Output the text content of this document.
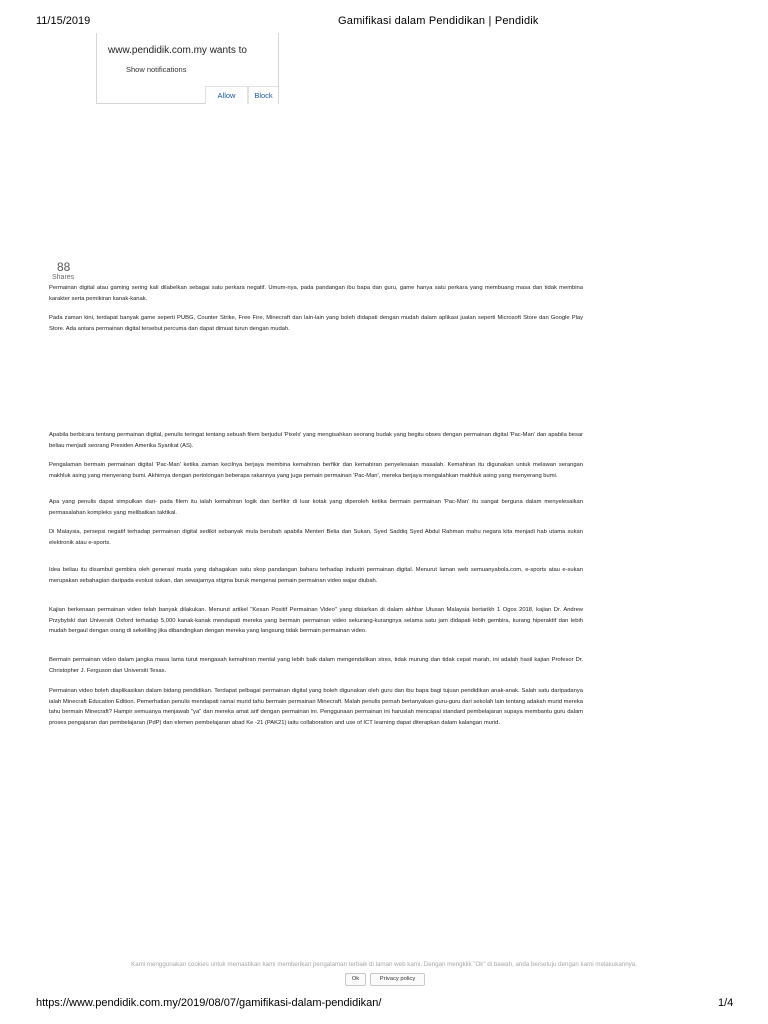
11/15/2019	Gamifikasi dalam Pendidikan | Pendidik
www.pendidik.com.my wants to
Show notifications
Allow	Block
88
Shares

Permainan digital atau gaming sering kali dilabelkan sebagai satu perkara negatif. Umum-nya, pada pandangan ibu bapa dan guru, game hanya satu perkara yang membuang masa dan tidak membina karakter serta pemikiran kanak-kanak.

Pada zaman kini, terdapat banyak game seperti PUBG, Counter Strike, Free Fire, Minecraft dan lain-lain yang boleh didapati dengan mudah dalam aplikasi jualan seperti Microsoft Store dan Google Play Store. Ada antara permainan digital tersebut percuma dan dapat dimuat turun dengan mudah.

Apabila berbicara tentang permainan digital, penulis teringat tentang sebuah filem berjudul 'Pixels' yang mengisahkan seorang budak yang begitu obses dengan permainan digital 'Pac-Man' dan apabila besar beliau menjadi seorang Presiden Amerika Syarikat (AS).

Pengalaman bermain permainan digital 'Pac-Man' ketika zaman kecilnya berjaya membina kemahiran berfikir dan kemahiran penyelesaian masalah. Kemahiran itu digunakan untuk melawan serangan makhluk asing yang menyerang bumi. Akhirnya dengan pertolongan beberapa rakannya yang juga pemain permainan 'Pac-Man', mereka berjaya mengalahkan makhluk asing yang menyerang bumi.

Apa yang penulis dapat simpulkan dari- pada filem itu ialah kemahiran logik dan berfikir di luar kotak yang diperoleh ketika bermain permainan 'Pac-Man' itu sangat berguna dalam menyelesaikan permasalahan kompleks yang melibatkan taktikal.

Di Malaysia, persepsi negatif terhadap permainan digital sedikit sebanyak mula berubah apabila Menteri Belia dan Sukan, Syed Saddiq Syed Abdul Rahman mahu negara kita menjadi hab utama sukan elektronik atau e-sports.

Idea beliau itu disambut gembira oleh generasi muda yang dahagakan satu skop pandangan baharu terhadap industri permainan digital. Menurut laman web semuanyabola.com, e-sports atau e-sukan merupakan sebahagian daripada evolusi sukan, dan sewajarnya stigma buruk mengenai pemain permainan video wajar diubah.

Kajian berkenaan permainan video telah banyak dilakukan. Menurut artikel "Kesan Positif Permainan Video" yang disiarkan di dalam akhbar Utusan Malaysia bertarikh 1 Ogos 2018, kajian Dr. Andrew Przybylski dari Universiti Oxford terhadap 5,000 kanak-kanak mendapati mereka yang bermain permainan video sekurang-kurangnya selama satu jam didapati lebih gembira, kurang hiperaktif dan lebih mudah bergaul dengan orang di sekeliling jika dibandingkan dengan mereka yang langsung tidak bermain permainan video.

Bermain permainan video dalam jangka masa lama turut mengasah kemahiran mental yang lebih baik dalam mengendalikan stres, tidak murung dan tidak cepat marah, ini adalah hasil kajian Profesor Dr. Christopher J. Ferguson dari Universiti Texas.

Permainan video boleh diaplikasikan dalam bidang pendidikan. Terdapat pelbagai permainan digital yang boleh digunakan oleh guru dan ibu bapa bagi tujuan pendidikan anak-anak. Salah satu daripadanya ialah Minecraft Education Edition. Pemerhatian penulis mendapati ramai murid tahu bermain permainan Minecraft. Malah penulis pernah bertanyakan guru-guru dari sekolah lain tentang adakah murid mereka tahu bermain Minecraft? Hampir semuanya menjawab "ya" dan mereka amat arif dengan permainan ini. Penggunaan permainan ini haruslah mencapai standard pembelajaran supaya membantu guru dalam proses pengajaran dan pembelajaran (PdP) dan elemen pembelajaran abad Ke -21 (PAK21) iaitu collaboration and use of ICT learning dapat diterapkan dalam kalangan murid.

Kami menggunakan cookies untuk memastikan kami memberikan pengalaman terbaik di laman web kami. Dengan mengklik "Ok" di bawah, anda bersetuju dengan kami melakukannya.
Ok	Privacy policy
https://www.pendidik.com.my/2019/08/07/gamifikasi-dalam-pendidikan/	1/4
